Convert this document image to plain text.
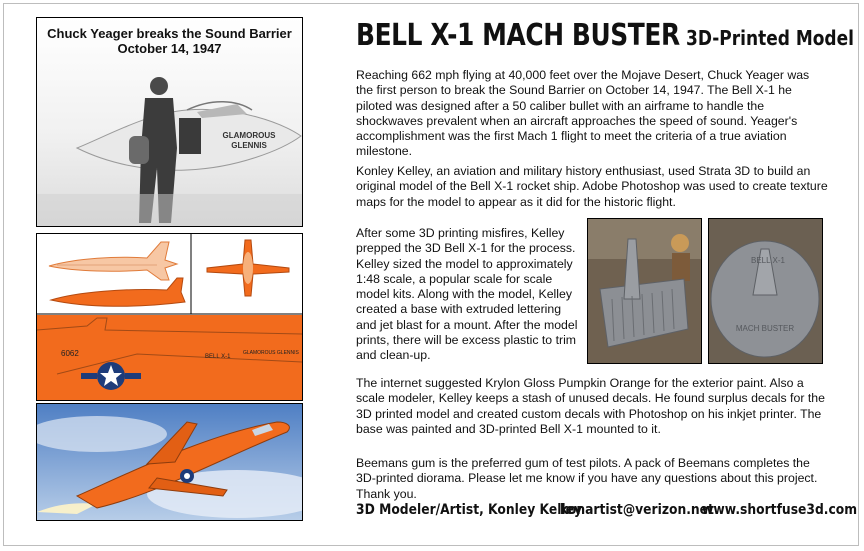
Chuck Yeager breaks the Sound Barrier
October 14, 1947
GLAMOROUS
GLENNIS
6062	BELL X-1
GLAMOROUS GLENNIS
BELL X-1 MACH BUSTER 3D-Printed Model

Reaching 662 mph flying at 40,000 feet over the Mojave Desert, Chuck Yeager was the first person to break the Sound Barrier on October 14, 1947. The Bell X-1 he piloted was designed after a 50 caliber bullet with an airframe to handle the shockwaves prevalent when an aircraft approaches the speed of sound. Yeager's accomplishment was the first Mach 1 flight to meet the criteria of a true aviation milestone.

Konley Kelley, an aviation and military history enthusiast, used Strata 3D to build an original model of the Bell X-1 rocket ship. Adobe Photoshop was used to create texture maps for the model to appear as it did for the historic flight.

After some 3D printing misfires, Kelley prepped the 3D Bell X-1 for the process. Kelley sized the model to approximately 1:48 scale, a popular scale for scale model kits. Along with the model, Kelley created a base with extruded lettering and jet blast for a mount. After the model prints, there will be excess plastic to trim and clean-up.

The internet suggested Krylon Gloss Pumpkin Orange for the exterior paint. Also a scale modeler, Kelley keeps a stash of unused decals. He found surplus decals for the 3D printed model and created custom decals with Photoshop on his inkjet printer. The base was painted and 3D-printed Bell X-1 mounted to it.

Beemans gum is the preferred gum of test pilots. A pack of Beemans completes the 3D-printed diorama. Please let me know if you have any questions about this project. Thank you.

BELL X-1
MACH BUSTER
3D Modeler/Artist, Konley Kelley
konartist@verizon.net
www.shortfuse3d.com
